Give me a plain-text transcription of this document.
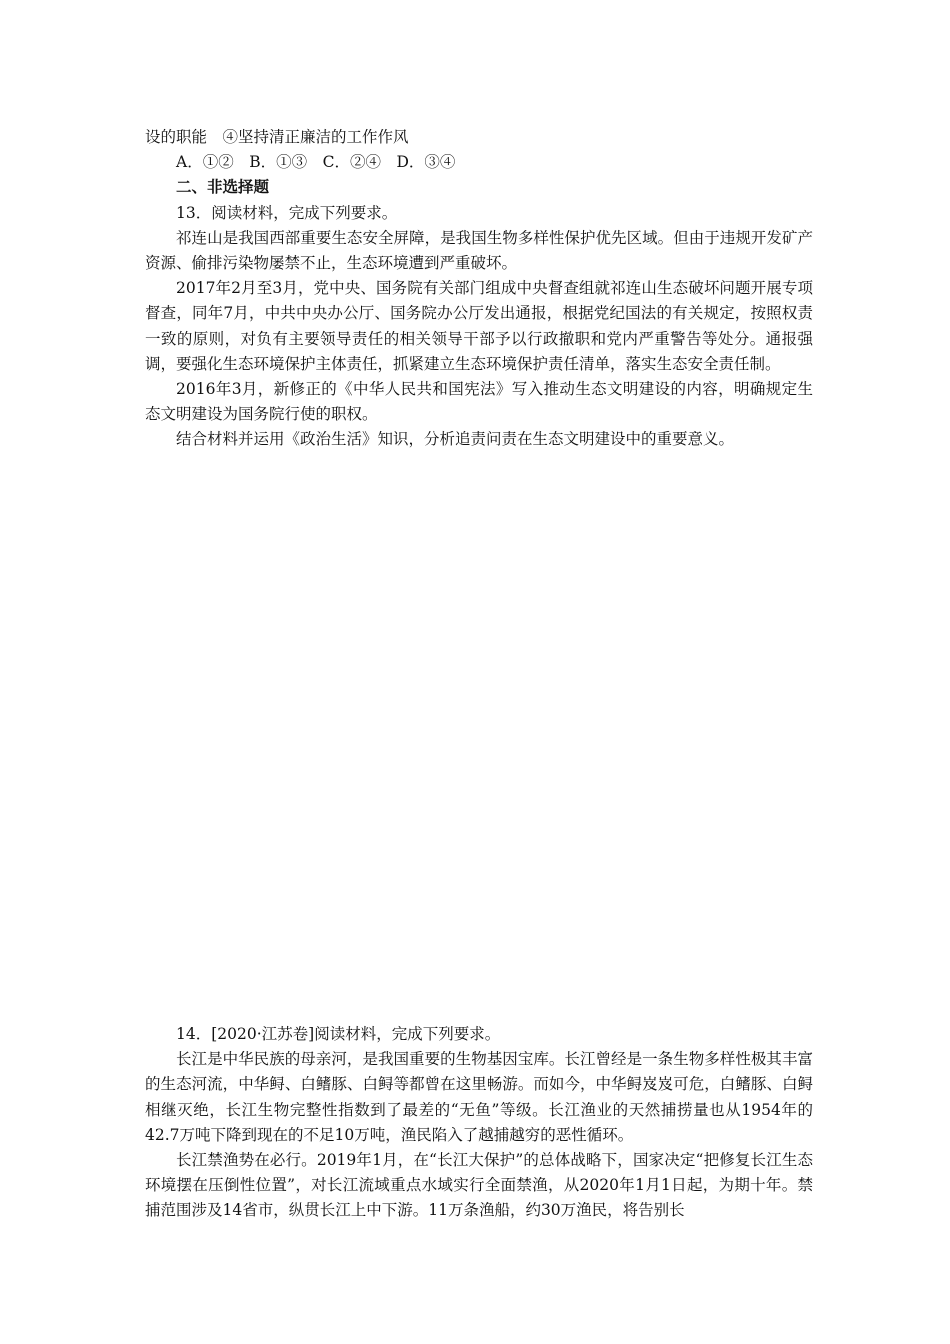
设的职能　④坚持清正廉洁的工作作风

A．①②　B．①③　C．②④　D．③④

二、非选择题

13．阅读材料，完成下列要求。

祁连山是我国西部重要生态安全屏障，是我国生物多样性保护优先区域。但由于违规开发矿产资源、偷排污染物屡禁不止，生态环境遭到严重破坏。

2017年2月至3月，党中央、国务院有关部门组成中央督查组就祁连山生态破坏问题开展专项督查，同年7月，中共中央办公厅、国务院办公厅发出通报，根据党纪国法的有关规定，按照权责一致的原则，对负有主要领导责任的相关领导干部予以行政撤职和党内严重警告等处分。通报强调，要强化生态环境保护主体责任，抓紧建立生态环境保护责任清单，落实生态安全责任制。

2016年3月，新修正的《中华人民共和国宪法》写入推动生态文明建设的内容，明确规定生态文明建设为国务院行使的职权。

结合材料并运用《政治生活》知识，分析追责问责在生态文明建设中的重要意义。

14．[2020·江苏卷]阅读材料，完成下列要求。

长江是中华民族的母亲河，是我国重要的生物基因宝库。长江曾经是一条生物多样性极其丰富的生态河流，中华鲟、白鳍豚、白鲟等都曾在这里畅游。而如今，中华鲟岌岌可危，白鳍豚、白鲟相继灭绝，长江生物完整性指数到了最差的“无鱼”等级。长江渔业的天然捕捞量也从1954年的42.7万吨下降到现在的不足10万吨，渔民陷入了越捕越穷的恶性循环。

长江禁渔势在必行。2019年1月，在“长江大保护”的总体战略下，国家决定“把修复长江生态环境摆在压倒性位置”，对长江流域重点水域实行全面禁渔，从2020年1月1日起，为期十年。禁捕范围涉及14省市，纵贯长江上中下游。11万条渔船，约30万渔民，将告别长
